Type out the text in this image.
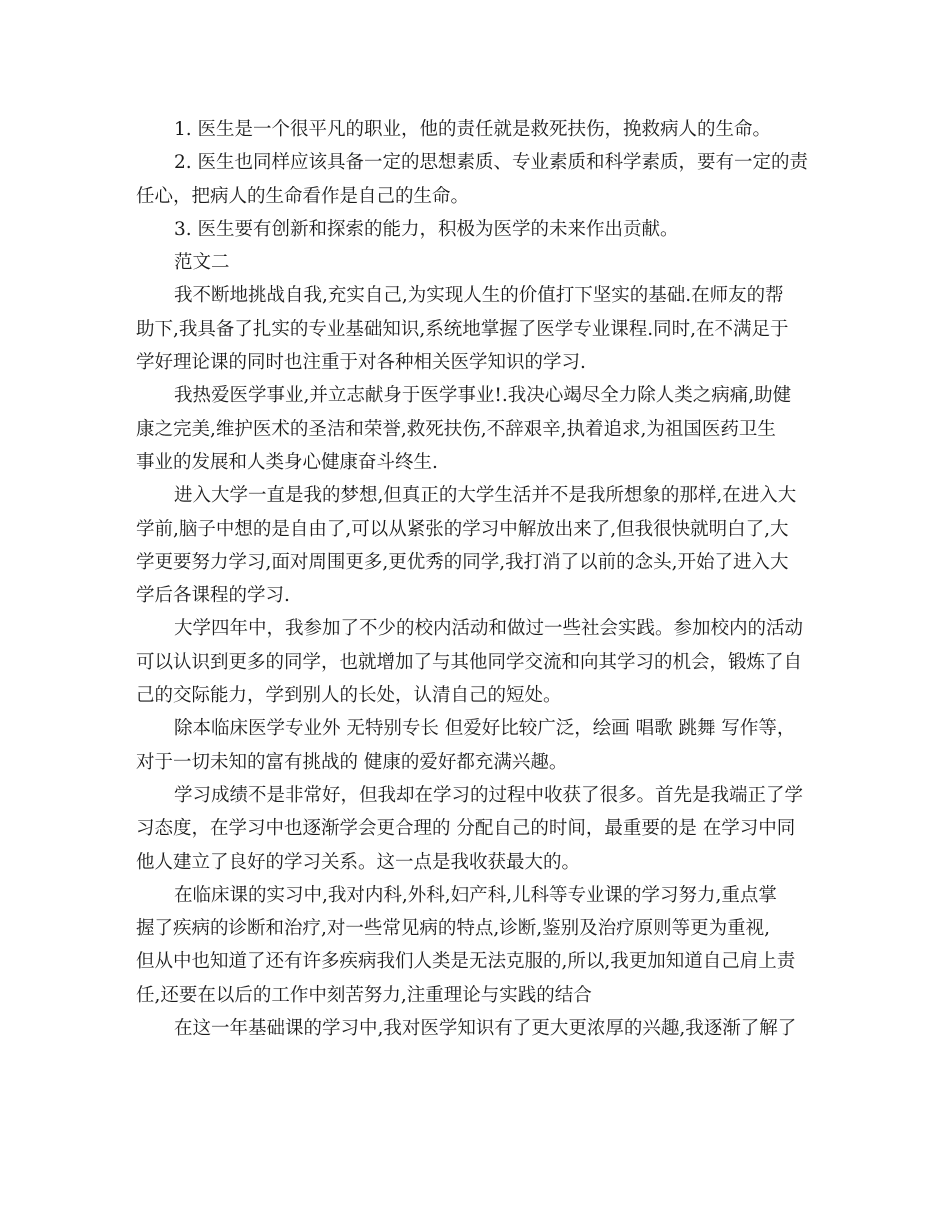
1. 医生是一个很平凡的职业，他的责任就是救死扶伤，挽救病人的生命。
2. 医生也同样应该具备一定的思想素质、专业素质和科学素质，要有一定的责
任心，把病人的生命看作是自己的生命。
3. 医生要有创新和探索的能力，积极为医学的未来作出贡献。
范文二
我不断地挑战自我,充实自己,为实现人生的价值打下坚实的基础.在师友的帮
助下,我具备了扎实的专业基础知识,系统地掌握了医学专业课程.同时,在不满足于
学好理论课的同时也注重于对各种相关医学知识的学习.
我热爱医学事业,并立志献身于医学事业!.我决心竭尽全力除人类之病痛,助健
康之完美,维护医术的圣洁和荣誉,救死扶伤,不辞艰辛,执着追求,为祖国医药卫生
事业的发展和人类身心健康奋斗终生.
进入大学一直是我的梦想,但真正的大学生活并不是我所想象的那样,在进入大
学前,脑子中想的是自由了,可以从紧张的学习中解放出来了,但我很快就明白了,大
学更要努力学习,面对周围更多,更优秀的同学,我打消了以前的念头,开始了进入大
学后各课程的学习.
大学四年中，我参加了不少的校内活动和做过一些社会实践。参加校内的活动
可以认识到更多的同学，也就增加了与其他同学交流和向其学习的机会，锻炼了自
己的交际能力，学到别人的长处，认清自己的短处。
除本临床医学专业外 无特别专长 但爱好比较广泛，绘画 唱歌 跳舞 写作等，
对于一切未知的富有挑战的 健康的爱好都充满兴趣。
学习成绩不是非常好，但我却在学习的过程中收获了很多。首先是我端正了学
习态度，在学习中也逐渐学会更合理的 分配自己的时间，最重要的是 在学习中同
他人建立了良好的学习关系。这一点是我收获最大的。
在临床课的实习中,我对内科,外科,妇产科,儿科等专业课的学习努力,重点掌
握了疾病的诊断和治疗,对一些常见病的特点,诊断,鉴别及治疗原则等更为重视,
但从中也知道了还有许多疾病我们人类是无法克服的,所以,我更加知道自己肩上责
任,还要在以后的工作中刻苦努力,注重理论与实践的结合
在这一年基础课的学习中,我对医学知识有了更大更浓厚的兴趣,我逐渐了解了
